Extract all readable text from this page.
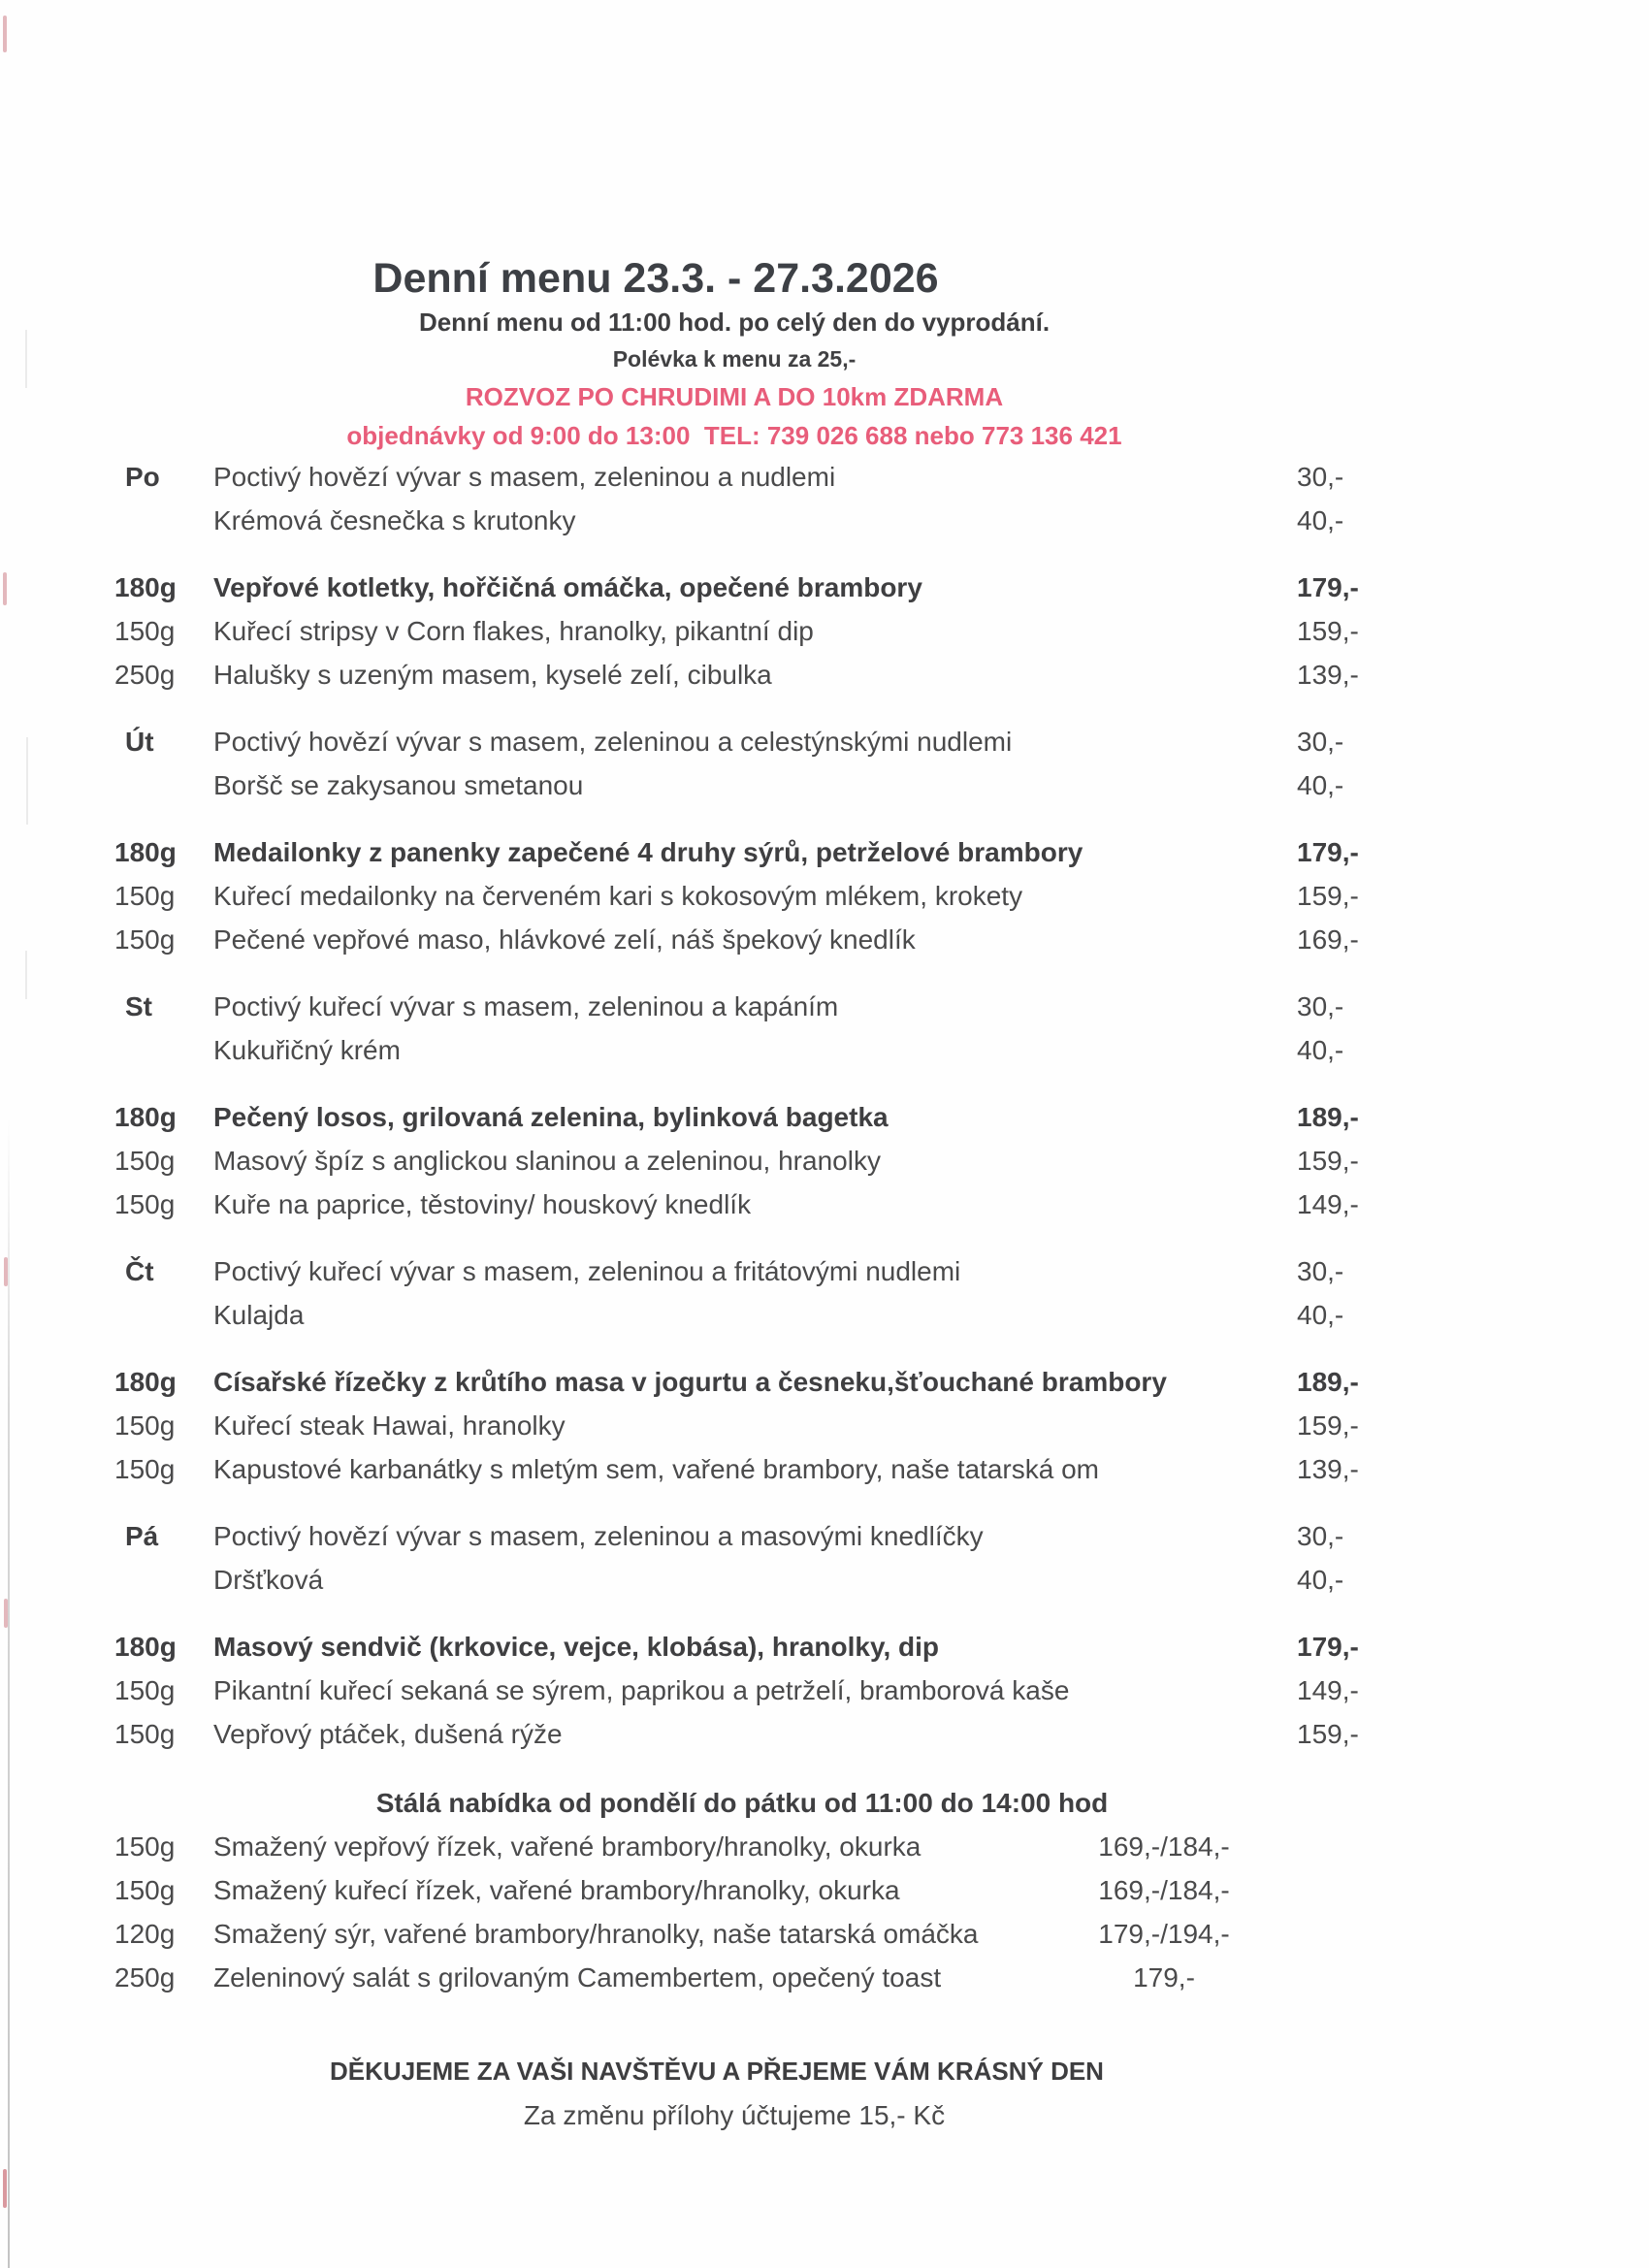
Denní menu 23.3. - 27.3.2026
Denní menu od 11:00 hod. po celý den do vyprodání.
Polévka k menu za 25,-
ROZVOZ PO CHRUDIMI A DO 10km ZDARMA
objednávky od 9:00 do 13:00  TEL: 739 026 688 nebo 773 136 421
Po	Poctivý hovězí vývar s masem, zeleninou a nudlemi	30,-
Krémová česnečka s krutonky	40,-
180g	Vepřové kotletky, hořčičná omáčka, opečené brambory	179,-
150g	Kuřecí stripsy v Corn flakes, hranolky, pikantní dip	159,-
250g	Halušky s uzeným masem, kyselé zelí, cibulka	139,-
Út	Poctivý hovězí vývar s masem, zeleninou a celestýnskými nudlemi	30,-
Boršč se zakysanou smetanou	40,-
180g	Medailonky z panenky zapečené 4 druhy sýrů, petrželové brambory	179,-
150g	Kuřecí medailonky na červeném kari s kokosovým mlékem, krokety	159,-
150g	Pečené vepřové maso, hlávkové zelí, náš špekový knedlík	169,-
St	Poctivý kuřecí vývar s masem, zeleninou a kapáním	30,-
Kukuřičný krém	40,-
180g	Pečený losos, grilovaná zelenina, bylinková bagetka	189,-
150g	Masový špíz s anglickou slaninou a zeleninou, hranolky	159,-
150g	Kuře na paprice, těstoviny/ houskový knedlík	149,-
Čt	Poctivý kuřecí vývar s masem, zeleninou a fritátovými nudlemi	30,-
Kulajda	40,-
180g	Císařské řízečky z krůtího masa v jogurtu a česneku,šťouchané brambory	189,-
150g	Kuřecí steak Hawai, hranolky	159,-
150g	Kapustové karbanátky s mletým sem, vařené brambory, naše tatarská om	139,-
Pá	Poctivý hovězí vývar s masem, zeleninou a masovými knedlíčky	30,-
Dršťková	40,-
180g	Masový sendvič (krkovice, vejce, klobása), hranolky, dip	179,-
150g	Pikantní kuřecí sekaná se sýrem, paprikou a petrželí, bramborová kaše	149,-
150g	Vepřový ptáček, dušená rýže	159,-
Stálá nabídka od pondělí do pátku od 11:00 do 14:00 hod
150g	Smažený vepřový řízek, vařené brambory/hranolky, okurka	169,-/184,-
150g	Smažený kuřecí řízek, vařené brambory/hranolky, okurka	169,-/184,-
120g	Smažený sýr, vařené brambory/hranolky, naše tatarská omáčka	179,-/194,-
250g	Zeleninový salát s grilovaným Camembertem, opečený toast	179,-
DĚKUJEME ZA VAŠI NAVŠTĚVU A PŘEJEME VÁM KRÁSNÝ DEN
Za změnu přílohy účtujeme 15,- Kč
